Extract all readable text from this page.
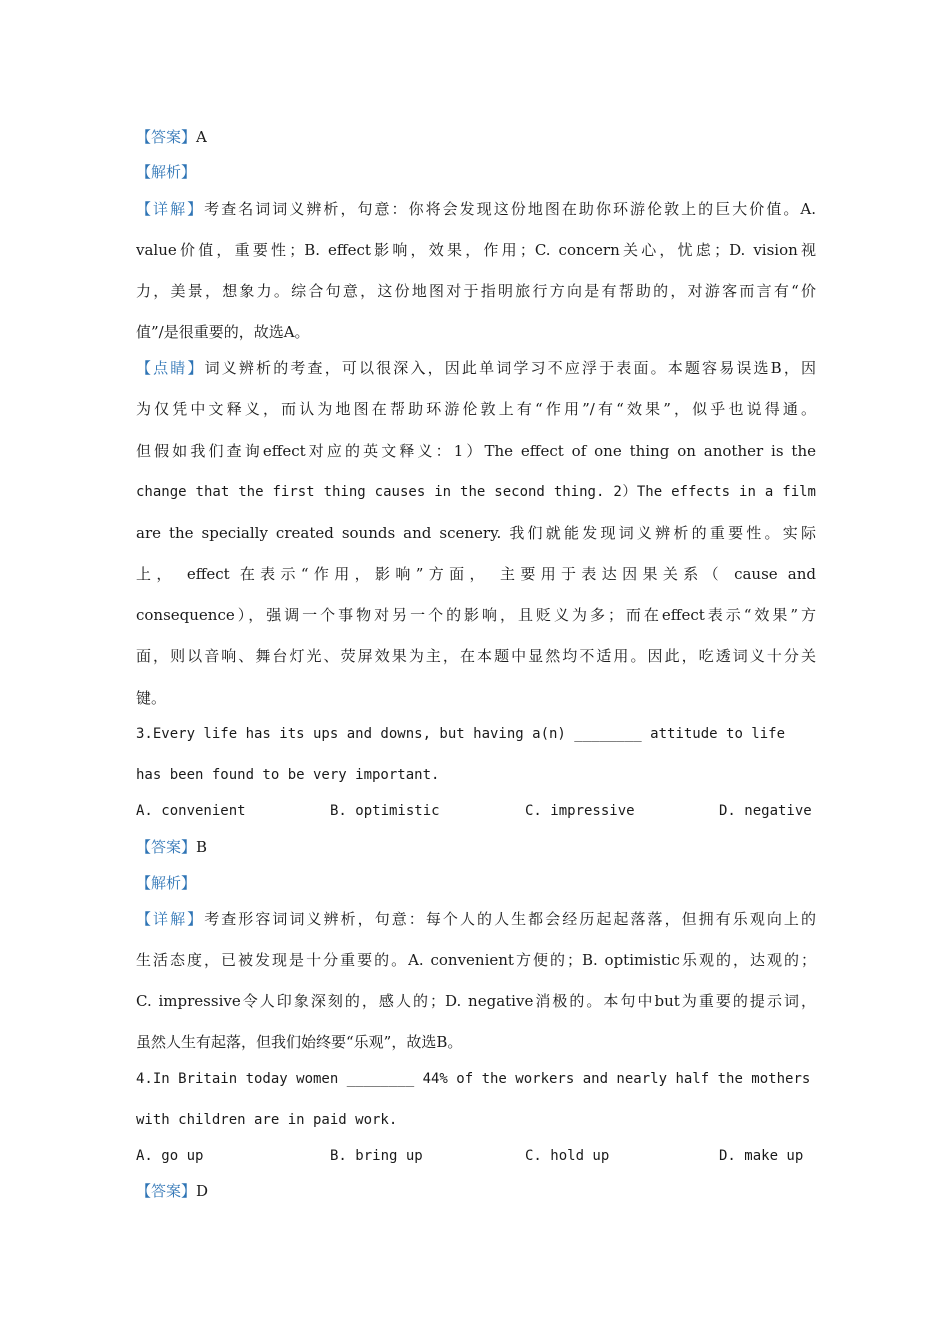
【答案】A
【解析】
【详解】考查名词词义辨析，句意：你将会发现这份地图在助你环游伦敦上的巨大价值。A.
value价值，重要性；B. effect影响，效果，作用；C. concern关心，忧虑；D. vision视
力，美景，想象力。综合句意，这份地图对于指明旅行方向是有帮助的，对游客而言有“价
值”/是很重要的，故选A。
【点睛】词义辨析的考查，可以很深入，因此单词学习不应浮于表面。本题容易误选B，因
为仅凭中文释义，而认为地图在帮助环游伦敦上有“作用”/有“效果”，似乎也说得通。
但假如我们查询effect对应的英文释义：1）The effect of one thing on another is the
change that the first thing causes in the second thing. 2）The effects in a film
are the specially created sounds and scenery. 我们就能发现词义辨析的重要性。实际
上， effect 在表示“作用，影响”方面， 主要用于表达因果关系（ cause and
consequence），强调一个事物对另一个的影响，且贬义为多；而在effect表示“效果”方
面，则以音响、舞台灯光、荧屏效果为主，在本题中显然均不适用。因此，吃透词义十分关
键。
3.Every life has its ups and downs, but having a(n) ________ attitude to life
has been found to be very important.
A. convenient	B. optimistic	C. impressive	D. negative
【答案】B
【解析】
【详解】考查形容词词义辨析，句意：每个人的人生都会经历起起落落，但拥有乐观向上的
生活态度，已被发现是十分重要的。A. convenient方便的；B. optimistic乐观的，达观的；
C. impressive令人印象深刻的，感人的；D. negative消极的。本句中but为重要的提示词，
虽然人生有起落，但我们始终要“乐观”，故选B。
4.In Britain today women ________ 44% of the workers and nearly half the mothers
with children are in paid work.
A. go up	B. bring up	C. hold up	D. make up
【答案】D
